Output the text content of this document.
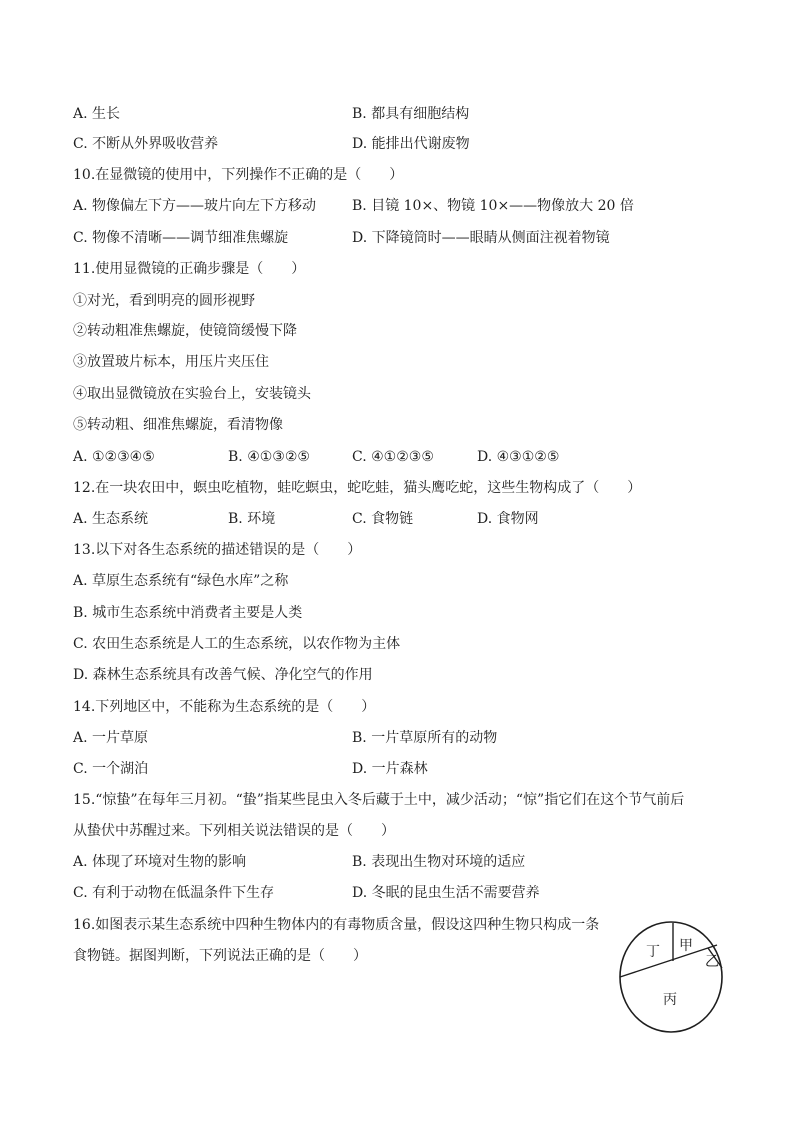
A. 生长	B. 都具有细胞结构
C. 不断从外界吸收营养	D. 能排出代谢废物
10.在显微镜的使用中，下列操作不正确的是（　　）
A. 物像偏左下方——玻片向左下方移动	B. 目镜 10×、物镜 10×——物像放大 20 倍
C. 物像不清晰——调节细准焦螺旋	D. 下降镜筒时——眼睛从侧面注视着物镜
11.使用显微镜的正确步骤是（　　）
①对光，看到明亮的圆形视野
②转动粗准焦螺旋，使镜筒缓慢下降
③放置玻片标本，用压片夹压住
④取出显微镜放在实验台上，安装镜头
⑤转动粗、细准焦螺旋，看清物像
A. ①②③④⑤	B. ④①③②⑤	C. ④①②③⑤	D. ④③①②⑤
12.在一块农田中，螟虫吃植物，蛙吃螟虫，蛇吃蛙，猫头鹰吃蛇，这些生物构成了（　　）
A. 生态系统	B. 环境	C. 食物链	D. 食物网
13.以下对各生态系统的描述错误的是（　　）
A. 草原生态系统有“绿色水库”之称
B. 城市生态系统中消费者主要是人类
C. 农田生态系统是人工的生态系统，以农作物为主体
D. 森林生态系统具有改善气候、净化空气的作用
14.下列地区中，不能称为生态系统的是（　　）
A. 一片草原	B. 一片草原所有的动物
C. 一个湖泊	D. 一片森林
15.“惊蛰”在每年三月初。“蛰”指某些昆虫入冬后藏于土中，减少活动；“惊”指它们在这个节气前后
从蛰伏中苏醒过来。下列相关说法错误的是（　　）
A. 体现了环境对生物的影响	B. 表现出生物对环境的适应
C. 有利于动物在低温条件下生存	D. 冬眠的昆虫生活不需要营养
16.如图表示某生态系统中四种生物体内的有毒物质含量，假设这四种生物只构成一条
食物链。据图判断，下列说法正确的是（　　）	丁 甲
乙
丙
